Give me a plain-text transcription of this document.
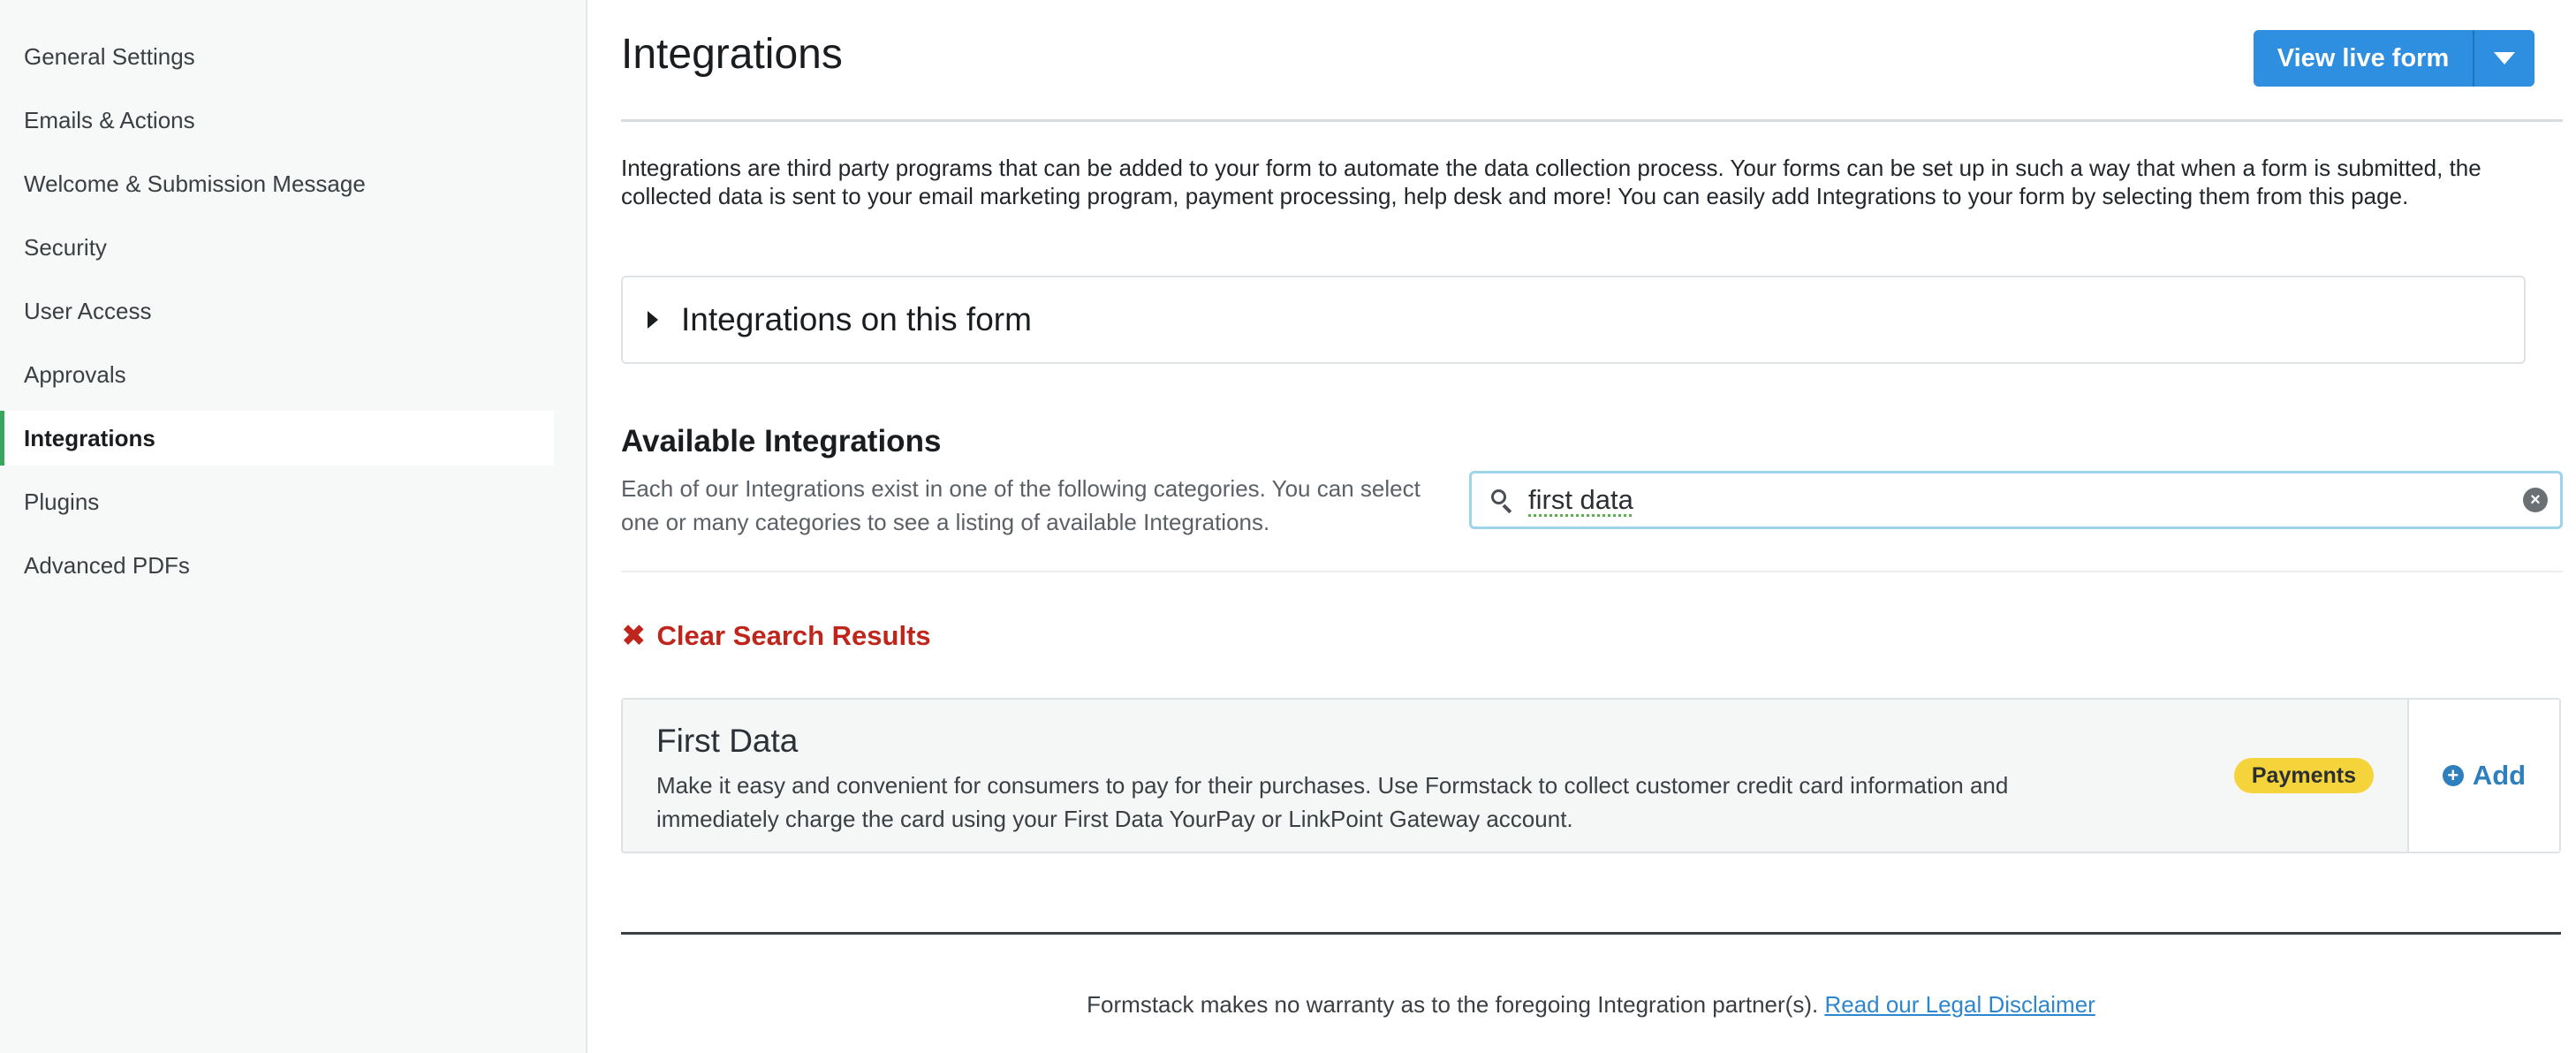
General Settings
Emails & Actions
Welcome & Submission Message
Security
User Access
Approvals
Integrations
Plugins
Advanced PDFs
Integrations	View live form

Integrations are third party programs that can be added to your form to automate the data collection process. Your forms can be set up in such a way that when a form is submitted, the collected data is sent to your email marketing program, payment processing, help desk and more! You can easily add Integrations to your form by selecting them from this page.

Integrations on this form
Available Integrations

Each of our Integrations exist in one of the following categories. You can select one or many categories to see a listing of available Integrations.

first data	×
✖ Clear Search Results
First Data
Make it easy and convenient for consumers to pay for their purchases. Use Formstack to collect customer credit card information and immediately charge the card using your First Data YourPay or LinkPoint Gateway account.
Payments	+ Add
Formstack makes no warranty as to the foregoing Integration partner(s). Read our Legal Disclaimer
